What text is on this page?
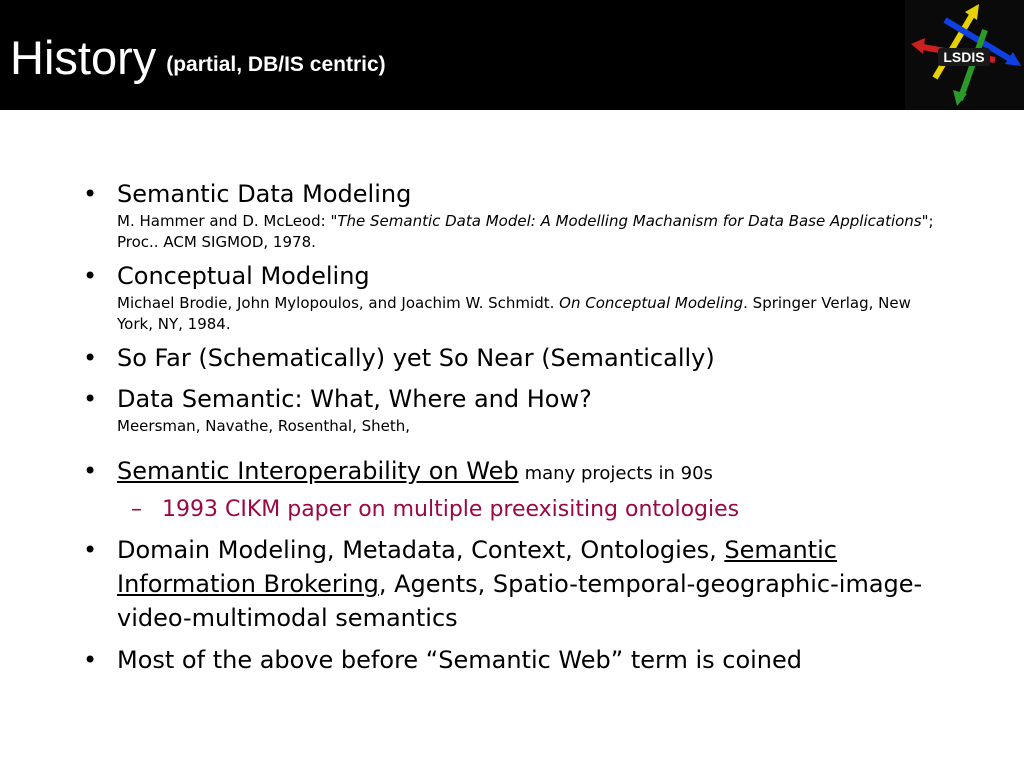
History (partial, DB/IS centric)	LSDIS
• Semantic Data Modeling
M. Hammer and D. McLeod: "The Semantic Data Model: A Modelling Machanism for Data Base Applications"; Proc.. ACM SIGMOD, 1978.
• Conceptual Modeling
Michael Brodie, John Mylopoulos, and Joachim W. Schmidt. On Conceptual Modeling. Springer Verlag, New York, NY, 1984.
• So Far (Schematically) yet So Near (Semantically)
• Data Semantic: What, Where and How?
Meersman, Navathe, Rosenthal, Sheth,
• Semantic Interoperability on Web many projects in 90s
– 1993 CIKM paper on multiple preexisiting ontologies
• Domain Modeling, Metadata, Context, Ontologies, Semantic Information Brokering, Agents, Spatio-temporal-geographic-image-video-multimodal semantics
• Most of the above before “Semantic Web” term is coined
